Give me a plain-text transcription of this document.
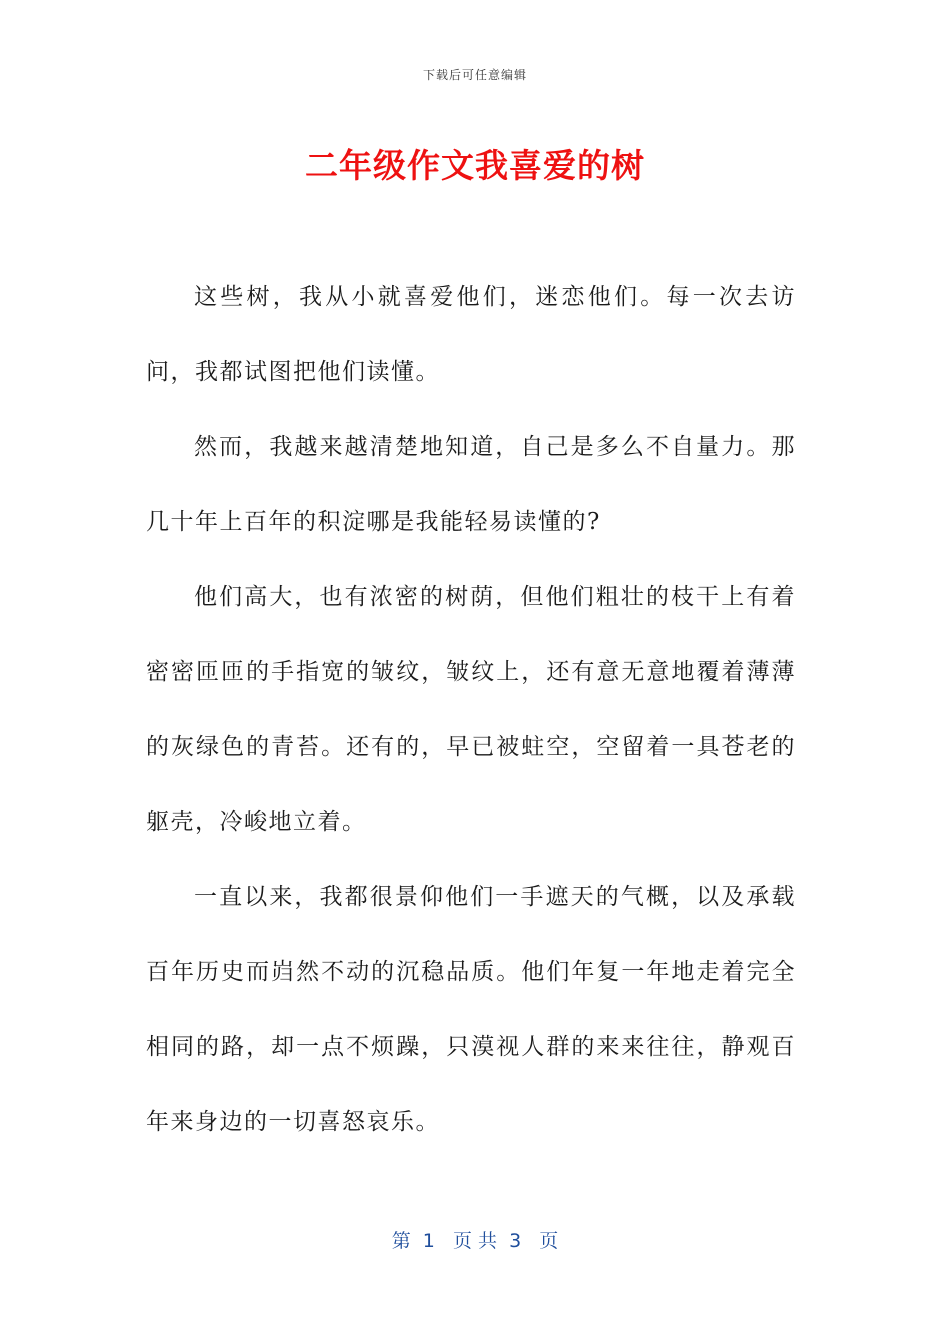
下载后可任意编辑
二年级作文我喜爱的树

这些树，我从小就喜爱他们，迷恋他们。每一次去访问，我都试图把他们读懂。

然而，我越来越清楚地知道，自己是多么不自量力。那几十年上百年的积淀哪是我能轻易读懂的?

他们高大，也有浓密的树荫，但他们粗壮的枝干上有着密密匝匝的手指宽的皱纹，皱纹上，还有意无意地覆着薄薄的灰绿色的青苔。还有的，早已被蛀空，空留着一具苍老的躯壳，冷峻地立着。

一直以来，我都很景仰他们一手遮天的气概，以及承载百年历史而岿然不动的沉稳品质。他们年复一年地走着完全相同的路，却一点不烦躁，只漠视人群的来来往往，静观百年来身边的一切喜怒哀乐。

第  1   页 共  3   页
